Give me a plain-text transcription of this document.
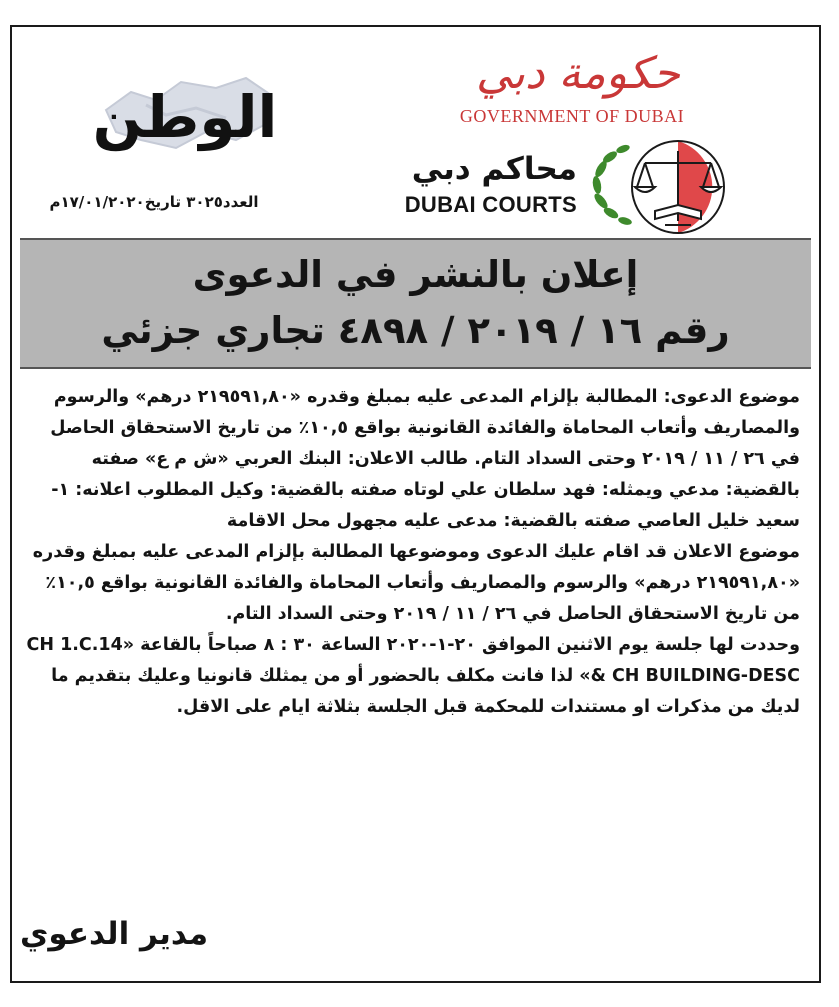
الوطن
العدد٣٠٢٥ تاريخ١٧/٠١/٢٠٢٠م
حكومة دبي
GOVERNMENT OF DUBAI
محاكم دبي
DUBAI COURTS
إعلان بالنشر في الدعوى
رقم ١٦ / ٢٠١٩ / ٤٨٩٨ تجاري جزئي

موضوع الدعوى: المطالبة بإلزام المدعى عليه بمبلغ وقدره «٢١٩٥٩١,٨٠ درهم» والرسوم والمصاريف وأتعاب المحاماة والفائدة القانونية بواقع ١٠,٥٪ من تاريخ الاستحقاق الحاصل في ٢٦ / ١١ / ٢٠١٩ وحتى السداد التام. طالب الاعلان: البنك العربي «ش م ع» صفته بالقضية: مدعي ويمثله: فهد سلطان علي لوتاه صفته بالقضية: وكيل المطلوب اعلانه: ١- سعيد خليل العاصي صفته بالقضية: مدعى عليه مجهول محل الاقامة

موضوع الاعلان قد اقام عليك الدعوى وموضوعها المطالبة بإلزام المدعى عليه بمبلغ وقدره «٢١٩٥٩١,٨٠ درهم» والرسوم والمصاريف وأتعاب المحاماة والفائدة القانونية بواقع ١٠,٥٪ من تاريخ الاستحقاق الحاصل في ٢٦ / ١١ / ٢٠١٩ وحتى السداد التام.

وحددت لها جلسة يوم الاثنين الموافق ٢٠-١-٢٠٢٠ الساعة ٣٠ : ٨ صباحاً بالقاعة «CH 1.C.14 & CH BUILDING-DESC» لذا فانت مكلف بالحضور أو من يمثلك قانونيا وعليك بتقديم ما لديك من مذكرات او مستندات للمحكمة قبل الجلسة بثلاثة ايام على الاقل.

مدير الدعوي
